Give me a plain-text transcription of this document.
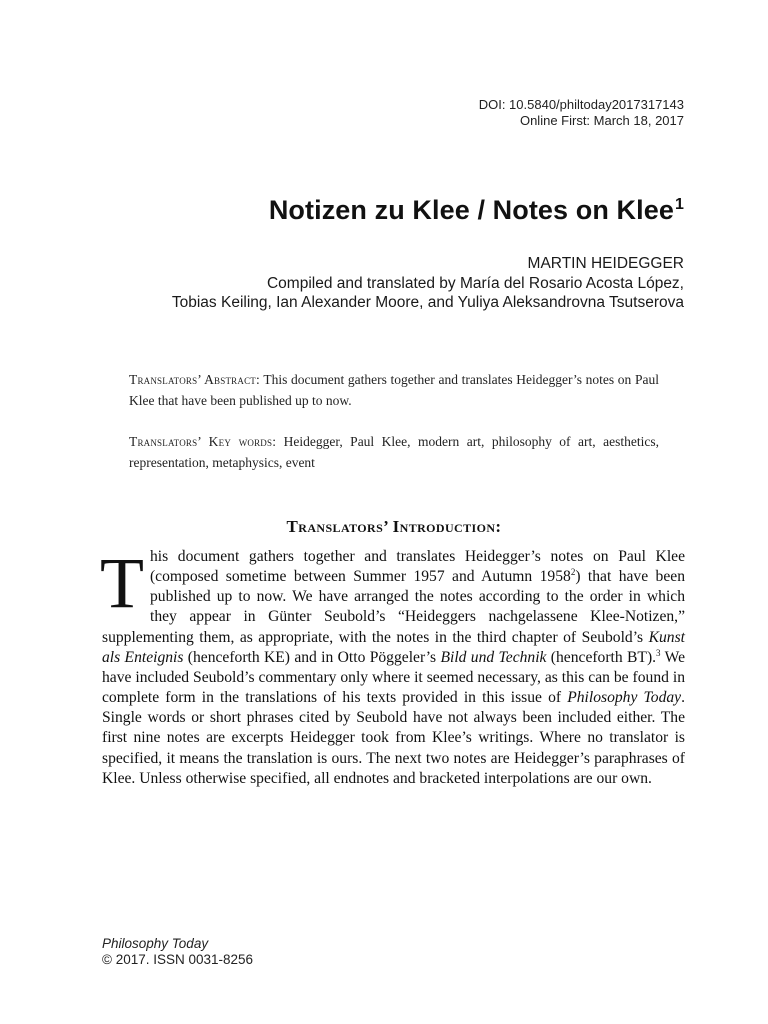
DOI: 10.5840/philtoday2017317143
Online First: March 18, 2017
Notizen zu Klee / Notes on Klee$^1$
MARTIN HEIDEGGER
Compiled and translated by María del Rosario Acosta López,
Tobias Keiling, Ian Alexander Moore, and Yuliya Aleksandrovna Tsutserova

Translators’ Abstract: This document gathers together and translates Heidegger’s notes on Paul Klee that have been published up to now.

Translators’ Key words: Heidegger, Paul Klee, modern art, philosophy of art, aesthetics, representation, metaphysics, event

Translators’ Introduction:

This document gathers together and translates Heidegger’s notes on Paul Klee (composed sometime between Summer 1957 and Autumn 1958$^2$) that have been published up to now. We have arranged the notes according to the order in which they appear in Günter Seubold’s “Heideggers nachgelassene Klee-Notizen,” supplementing them, as appropriate, with the notes in the third chapter of Seubold’s Kunst als Enteignis (henceforth KE) and in Otto Pöggeler’s Bild und Technik (henceforth BT).$^3$ We have included Seubold’s commentary only where it seemed necessary, as this can be found in complete form in the translations of his texts provided in this issue of Philosophy Today. Single words or short phrases cited by Seubold have not always been included either. The first nine notes are excerpts Heidegger took from Klee’s writings. Where no translator is specified, it means the translation is ours. The next two notes are Heidegger’s paraphrases of Klee. Unless otherwise specified, all endnotes and bracketed interpolations are our own.

Philosophy Today
© 2017. ISSN 0031-8256
